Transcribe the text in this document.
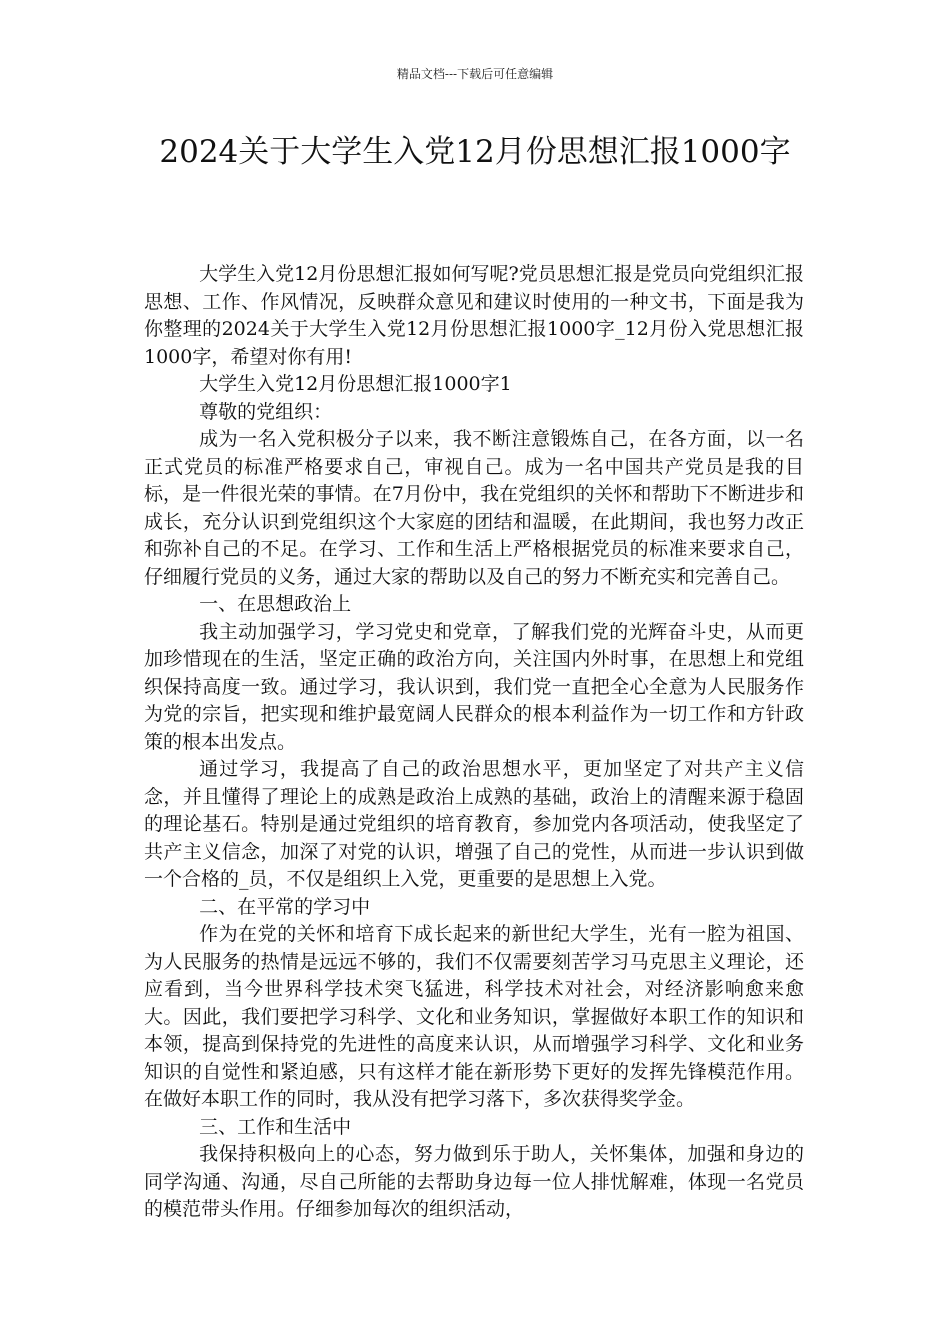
精品文档---下载后可任意编辑
2024关于大学生入党12月份思想汇报1000字

大学生入党12月份思想汇报如何写呢?党员思想汇报是党员向党组织汇报思想、工作、作风情况，反映群众意见和建议时使用的一种文书，下面是我为你整理的2024关于大学生入党12月份思想汇报1000字_12月份入党思想汇报1000字，希望对你有用!

大学生入党12月份思想汇报1000字1

尊敬的党组织：

成为一名入党积极分子以来，我不断注意锻炼自己，在各方面，以一名正式党员的标准严格要求自己，审视自己。成为一名中国共产党员是我的目标，是一件很光荣的事情。在7月份中，我在党组织的关怀和帮助下不断进步和成长，充分认识到党组织这个大家庭的团结和温暖，在此期间，我也努力改正和弥补自己的不足。在学习、工作和生活上严格根据党员的标准来要求自己，仔细履行党员的义务，通过大家的帮助以及自己的努力不断充实和完善自己。

一、在思想政治上

我主动加强学习，学习党史和党章，了解我们党的光辉奋斗史，从而更加珍惜现在的生活，坚定正确的政治方向，关注国内外时事，在思想上和党组织保持高度一致。通过学习，我认识到，我们党一直把全心全意为人民服务作为党的宗旨，把实现和维护最宽阔人民群众的根本利益作为一切工作和方针政策的根本出发点。

通过学习，我提高了自己的政治思想水平，更加坚定了对共产主义信念，并且懂得了理论上的成熟是政治上成熟的基础，政治上的清醒来源于稳固的理论基石。特别是通过党组织的培育教育，参加党内各项活动，使我坚定了共产主义信念，加深了对党的认识，增强了自己的党性，从而进一步认识到做一个合格的_员，不仅是组织上入党，更重要的是思想上入党。

二、在平常的学习中

作为在党的关怀和培育下成长起来的新世纪大学生，光有一腔为祖国、为人民服务的热情是远远不够的，我们不仅需要刻苦学习马克思主义理论，还应看到，当今世界科学技术突飞猛进，科学技术对社会，对经济影响愈来愈大。因此，我们要把学习科学、文化和业务知识，掌握做好本职工作的知识和本领，提高到保持党的先进性的高度来认识，从而增强学习科学、文化和业务知识的自觉性和紧迫感，只有这样才能在新形势下更好的发挥先锋模范作用。在做好本职工作的同时，我从没有把学习落下，多次获得奖学金。

三、工作和生活中

我保持积极向上的心态，努力做到乐于助人，关怀集体，加强和身边的同学沟通、沟通，尽自己所能的去帮助身边每一位人排忧解难，体现一名党员的模范带头作用。仔细参加每次的组织活动，
